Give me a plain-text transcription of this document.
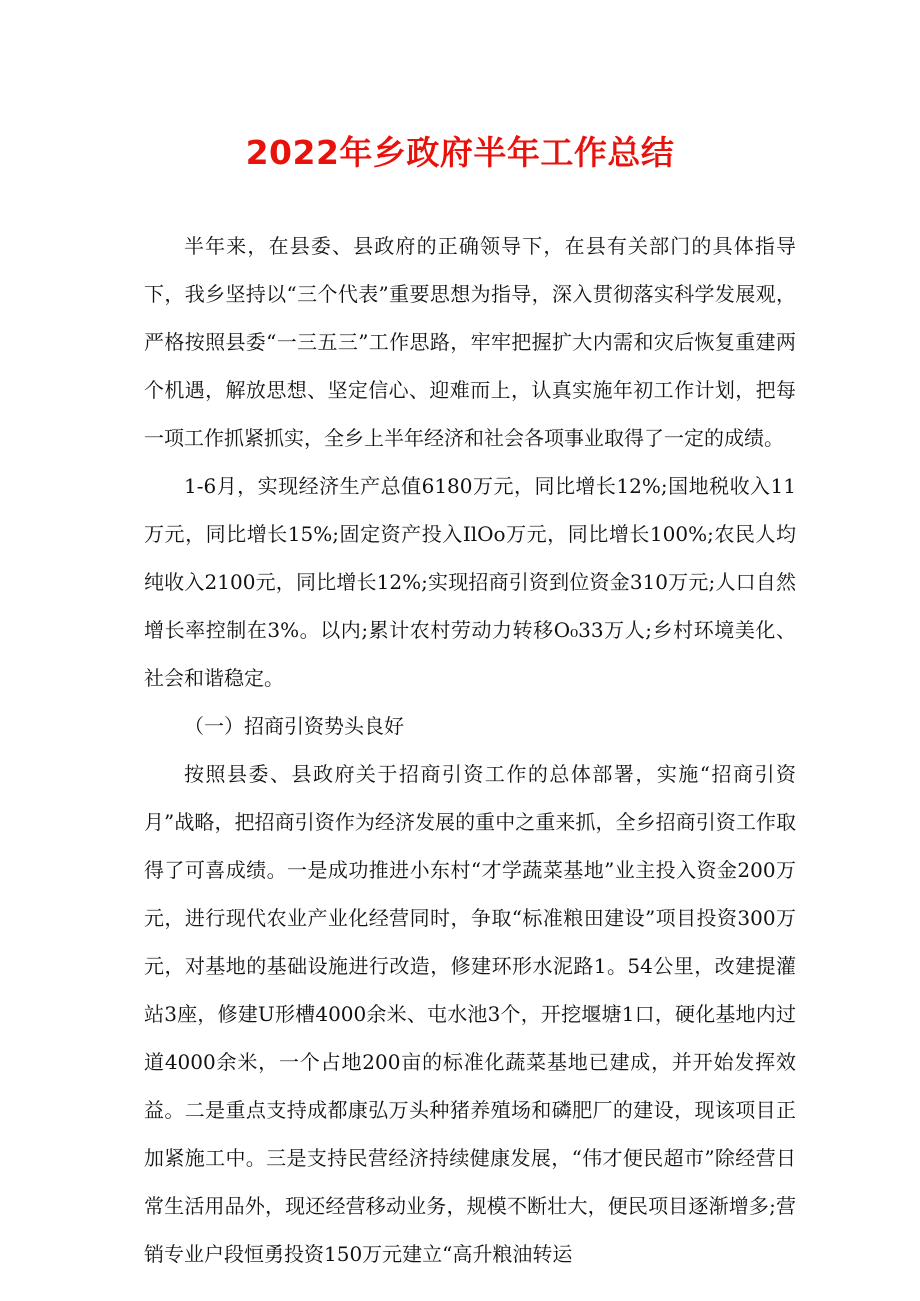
2022年乡政府半年工作总结

半年来，在县委、县政府的正确领导下，在县有关部门的具体指导下，我乡坚持以“三个代表”重要思想为指导，深入贯彻落实科学发展观，严格按照县委“一三五三”工作思路，牢牢把握扩大内需和灾后恢复重建两个机遇，解放思想、坚定信心、迎难而上，认真实施年初工作计划，把每一项工作抓紧抓实，全乡上半年经济和社会各项事业取得了一定的成绩。

1-6月，实现经济生产总值6180万元，同比增长12%;国地税收入11万元，同比增长15%;固定资产投入IlOo万元，同比增长100%;农民人均纯收入2100元，同比增长12%;实现招商引资到位资金310万元;人口自然增长率控制在3%。以内;累计农村劳动力转移O₀33万人;乡村环境美化、社会和谐稳定。

（一）招商引资势头良好

按照县委、县政府关于招商引资工作的总体部署，实施“招商引资月”战略，把招商引资作为经济发展的重中之重来抓，全乡招商引资工作取得了可喜成绩。一是成功推进小东村“才学蔬菜基地”业主投入资金200万元，进行现代农业产业化经营同时，争取“标准粮田建设”项目投资300万元，对基地的基础设施进行改造，修建环形水泥路1。54公里，改建提灌站3座，修建U形槽4000余米、屯水池3个，开挖堰塘1口，硬化基地内过道4000余米，一个占地200亩的标准化蔬菜基地已建成，并开始发挥效益。二是重点支持成都康弘万头种猪养殖场和磷肥厂的建设，现该项目正加紧施工中。三是支持民营经济持续健康发展，“伟才便民超市”除经营日常生活用品外，现还经营移动业务，规模不断壮大，便民项目逐渐增多;营销专业户段恒勇投资150万元建立“高升粮油转运
